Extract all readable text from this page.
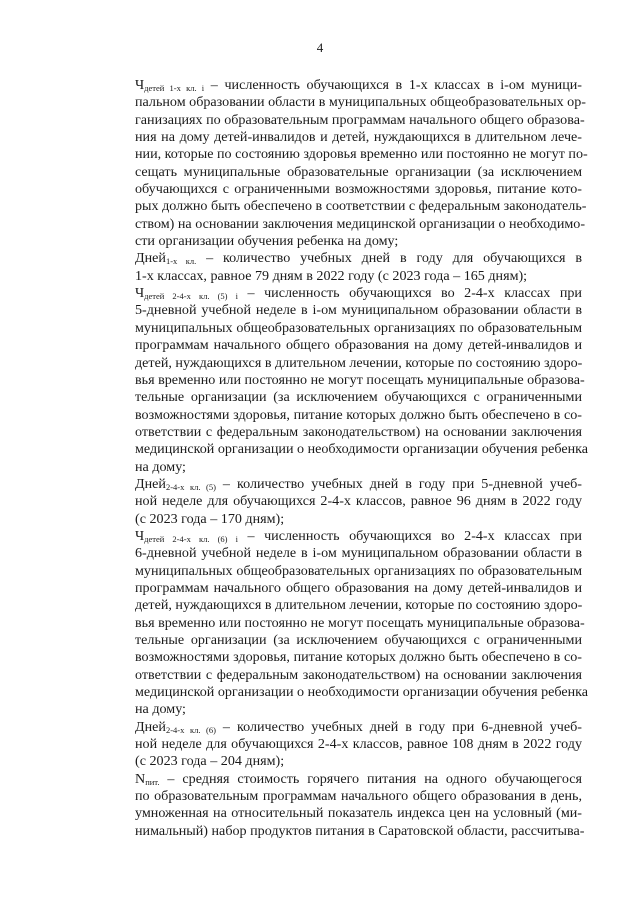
4

$Ч_{детей 1-х кл. i}$ – численность обучающихся в 1-х классах в i-ом муници-
пальном образовании области в муниципальных общеобразовательных ор-
ганизациях по образовательным программам начального общего образова-
ния на дому детей-инвалидов и детей, нуждающихся в длительном лече-
нии, которые по состоянию здоровья временно или постоянно не могут по-
сещать муниципальные образовательные организации (за исключением
обучающихся с ограниченными возможностями здоровья, питание кото-
рых должно быть обеспечено в соответствии с федеральным законодатель-
ством) на основании заключения медицинской организации о необходимо-
сти организации обучения ребенка на дому;

Дней$_{1-х кл.}$ – количество учебных дней в году для обучающихся в
1-х классах, равное 79 дням в 2022 году (с 2023 года – 165 дням);

$Ч_{детей 2-4-х кл. (5) i}$ – численность обучающихся во 2-4-х классах при
5-дневной учебной неделе в i-ом муниципальном образовании области в
муниципальных общеобразовательных организациях по образовательным
программам начального общего образования на дому детей-инвалидов и
детей, нуждающихся в длительном лечении, которые по состоянию здоро-
вья временно или постоянно не могут посещать муниципальные образова-
тельные организации (за исключением обучающихся с ограниченными
возможностями здоровья, питание которых должно быть обеспечено в со-
ответствии с федеральным законодательством) на основании заключения
медицинской организации о необходимости организации обучения ребенка
на дому;

Дней$_{2-4-х кл. (5)}$ – количество учебных дней в году при 5-дневной учеб-
ной неделе для обучающихся 2-4-х классов, равное 96 дням в 2022 году
(с 2023 года – 170 дням);

$Ч_{детей 2-4-х кл. (6) i}$ – численность обучающихся во 2-4-х классах при
6-дневной учебной неделе в i-ом муниципальном образовании области в
муниципальных общеобразовательных организациях по образовательным
программам начального общего образования на дому детей-инвалидов и
детей, нуждающихся в длительном лечении, которые по состоянию здоро-
вья временно или постоянно не могут посещать муниципальные образова-
тельные организации (за исключением обучающихся с ограниченными
возможностями здоровья, питание которых должно быть обеспечено в со-
ответствии с федеральным законодательством) на основании заключения
медицинской организации о необходимости организации обучения ребенка
на дому;

Дней$_{2-4-х кл. (6)}$ – количество учебных дней в году при 6-дневной учеб-
ной неделе для обучающихся 2-4-х классов, равное 108 дням в 2022 году
(с 2023 года – 204 дням);

$N_{пит.}$ – средняя стоимость горячего питания на одного обучающегося
по образовательным программам начального общего образования в день,
умноженная на относительный показатель индекса цен на условный (ми-
нимальный) набор продуктов питания в Саратовской области, рассчитыва-
